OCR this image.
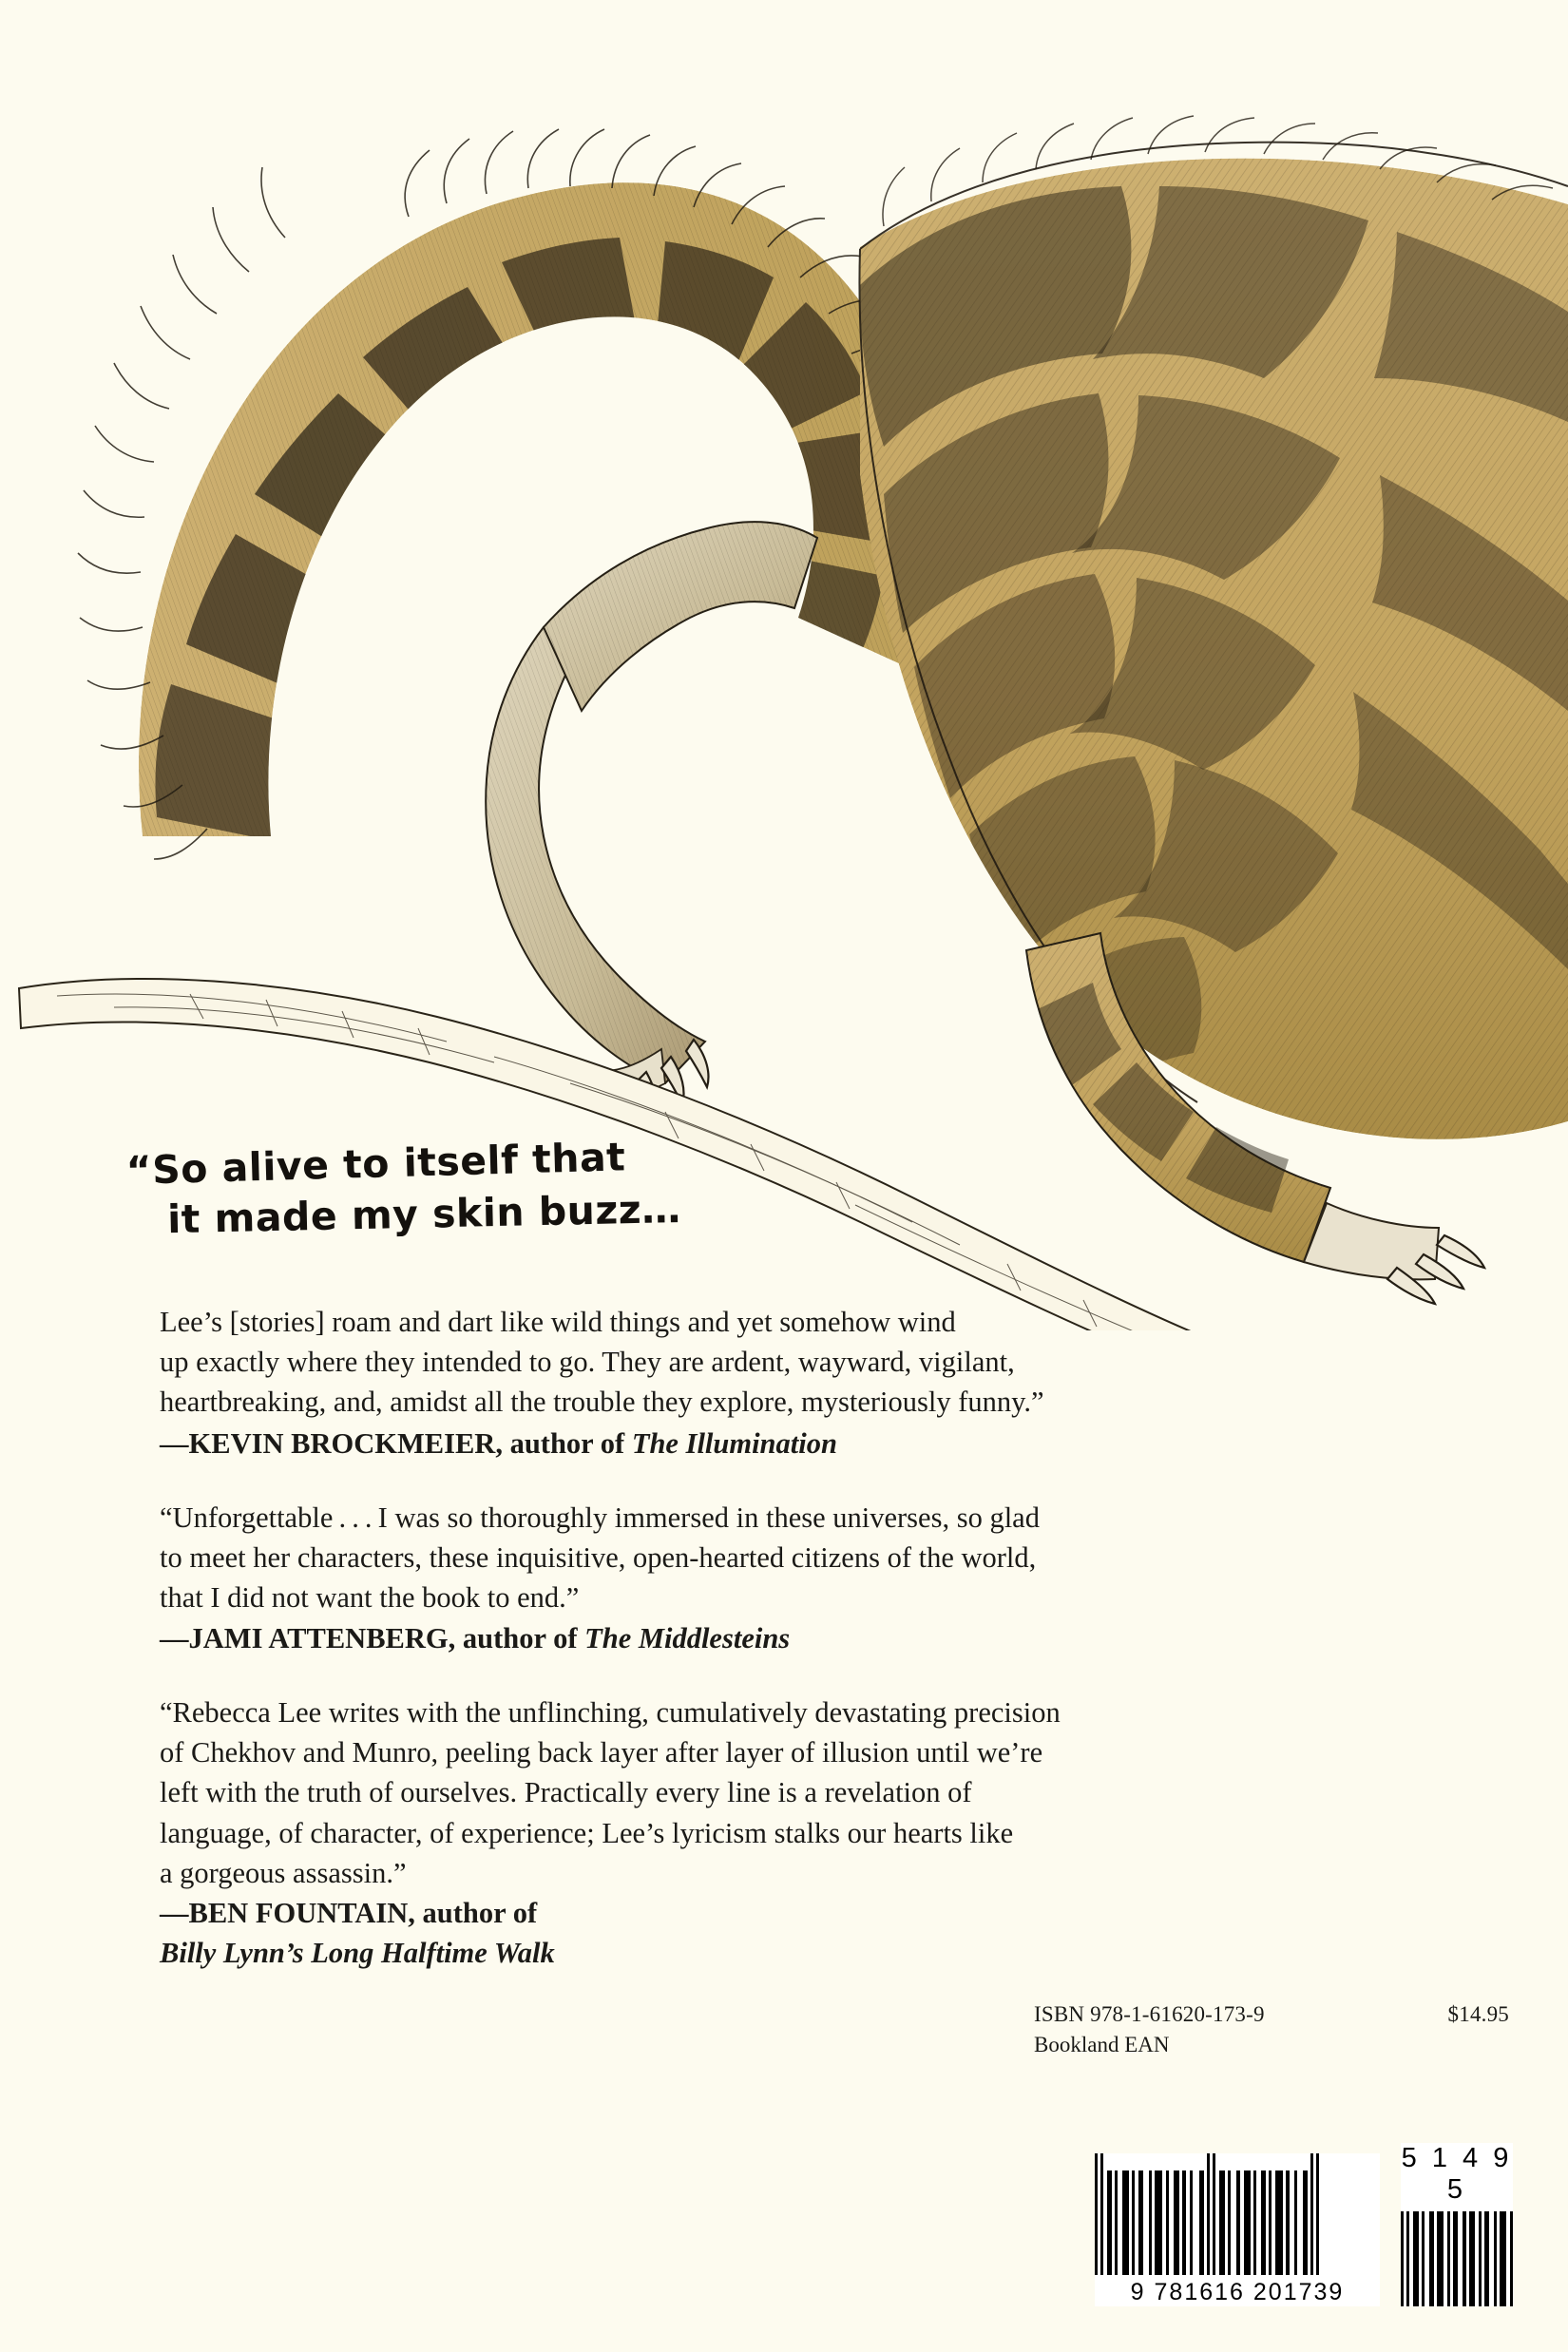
“So alive to itself that
it made my skin buzz…

Lee’s [stories] roam and dart like wild things and yet somehow wind
up exactly where they intended to go. They are ardent, wayward, vigilant,
heartbreaking, and, amidst all the trouble they explore, mysteriously funny.”

—KEVIN BROCKMEIER, author of The Illumination

“Unforgettable . . . I was so thoroughly immersed in these universes, so glad
to meet her characters, these inquisitive, open-hearted citizens of the world,
that I did not want the book to end.”

—JAMI ATTENBERG, author of The Middlesteins

“Rebecca Lee writes with the unflinching, cumulatively devastating precision
of Chekhov and Munro, peeling back layer after layer of illusion until we’re
left with the truth of ourselves. Practically every line is a revelation of
language, of character, of experience; Lee’s lyricism stalks our hearts like
a gorgeous assassin.”

—BEN FOUNTAIN, author of
Billy Lynn’s Long Halftime Walk

ISBN 978-1-61620-173-9	$14.95
Bookland EAN
9 781616 201739
5 1 4 9 5
